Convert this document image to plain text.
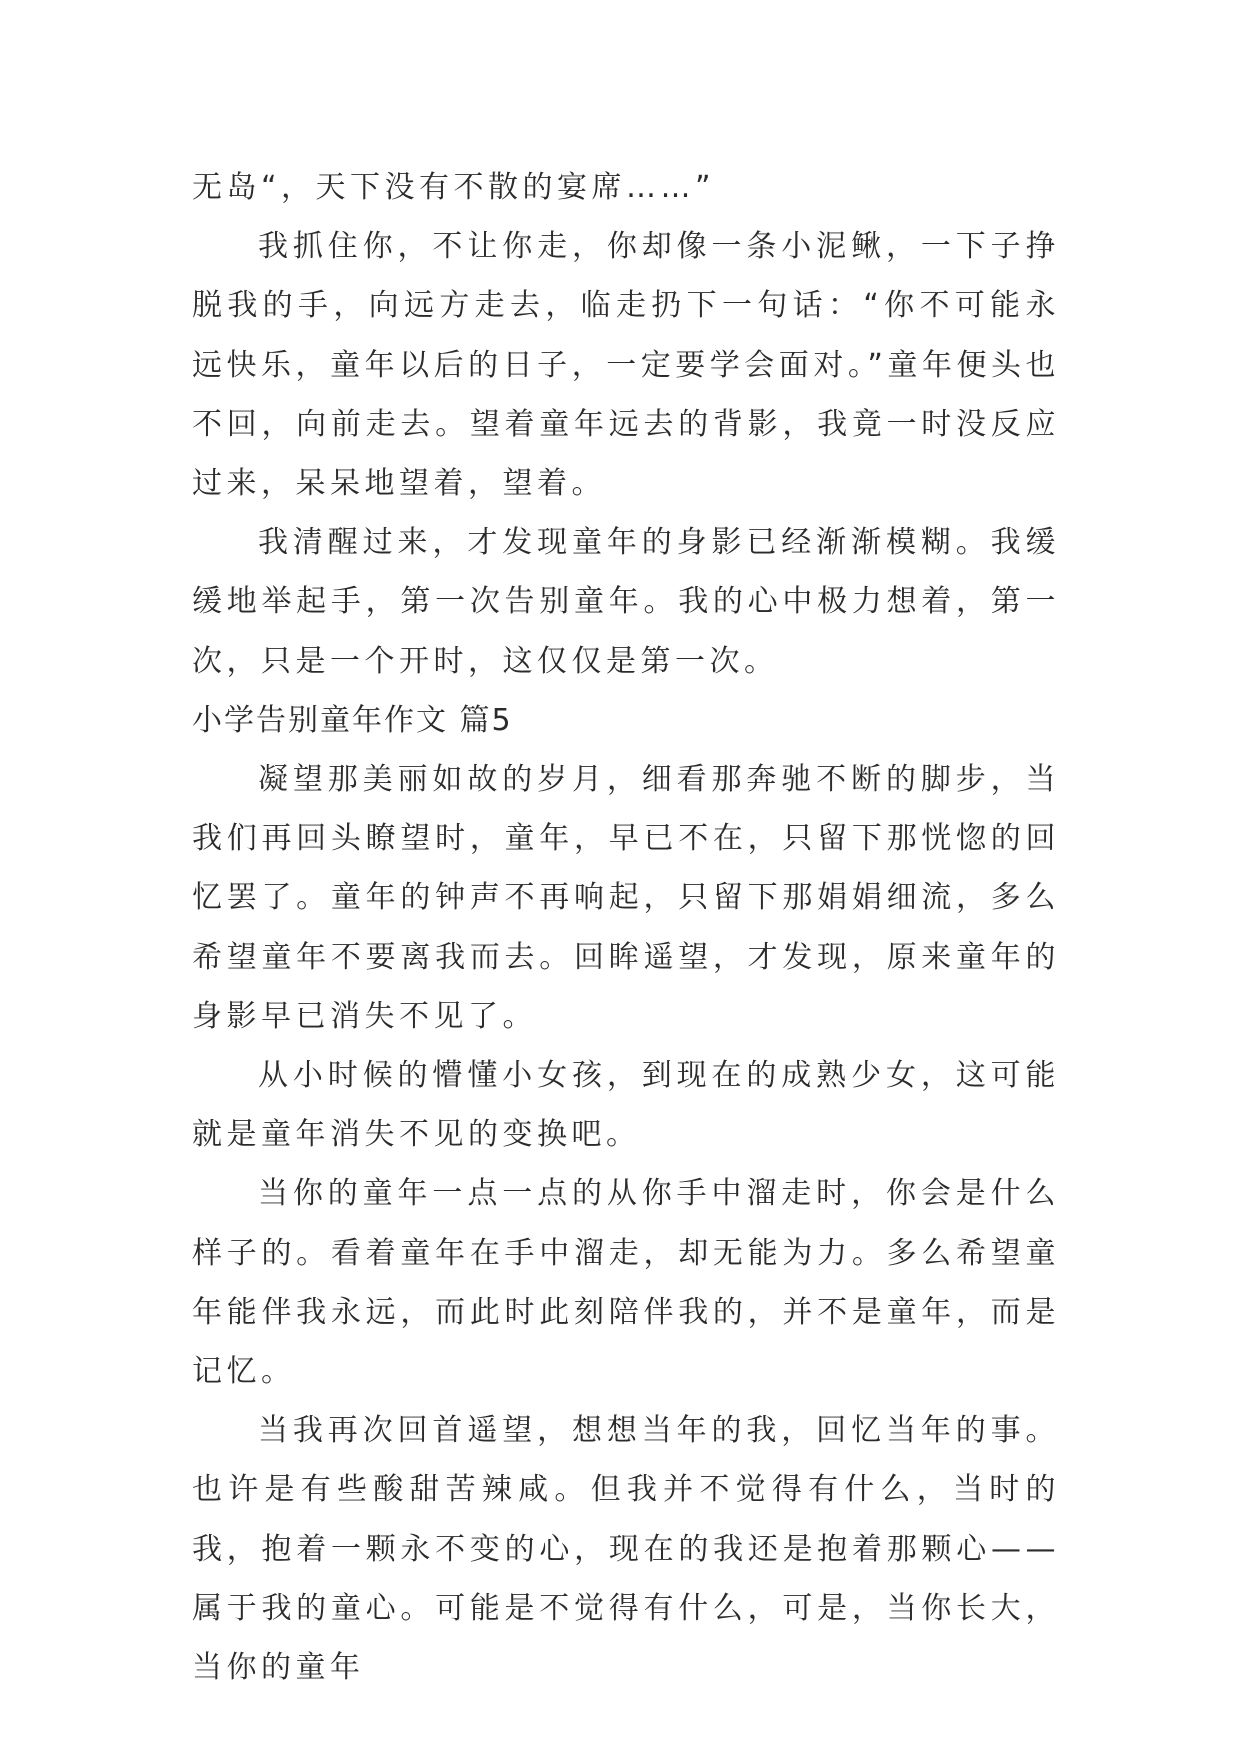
无岛“，天下没有不散的宴席……”

我抓住你，不让你走，你却像一条小泥鳅，一下子挣脱我的手，向远方走去，临走扔下一句话：“你不可能永远快乐，童年以后的日子，一定要学会面对。”童年便头也不回，向前走去。望着童年远去的背影，我竟一时没反应过来，呆呆地望着，望着。

我清醒过来，才发现童年的身影已经渐渐模糊。我缓缓地举起手，第一次告别童年。我的心中极力想着，第一次，只是一个开时，这仅仅是第一次。

小学告别童年作文 篇5

凝望那美丽如故的岁月，细看那奔驰不断的脚步，当我们再回头瞭望时，童年，早已不在，只留下那恍惚的回忆罢了。童年的钟声不再响起，只留下那娟娟细流，多么希望童年不要离我而去。回眸遥望，才发现，原来童年的身影早已消失不见了。

从小时候的懵懂小女孩，到现在的成熟少女，这可能就是童年消失不见的变换吧。

当你的童年一点一点的从你手中溜走时，你会是什么样子的。看着童年在手中溜走，却无能为力。多么希望童年能伴我永远，而此时此刻陪伴我的，并不是童年，而是记忆。

当我再次回首遥望，想想当年的我，回忆当年的事。也许是有些酸甜苦辣咸。但我并不觉得有什么，当时的我，抱着一颗永不变的心，现在的我还是抱着那颗心——属于我的童心。可能是不觉得有什么，可是，当你长大，当你的童年
